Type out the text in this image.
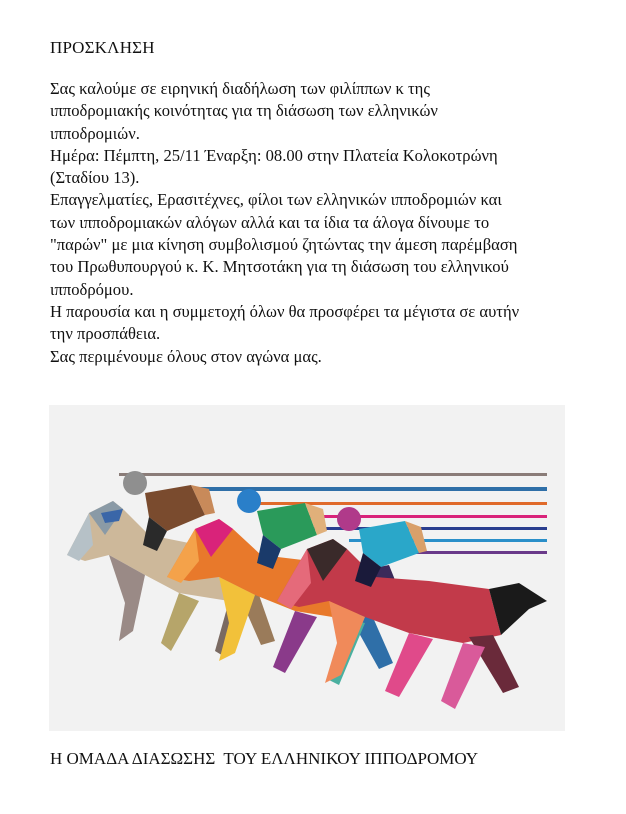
ΠΡΟΣΚΛΗΣΗ

Σας καλούμε σε ειρηνική διαδήλωση των φιλίππων κ της

ιπποδρομιακής κοινότητας για τη διάσωση των ελληνικών

ιπποδρομιών.

Ημέρα: Πέμπτη, 25/11 Έναρξη: 08.00 στην Πλατεία Κολοκοτρώνη

(Σταδίου 13).

Επαγγελματίες, Ερασιτέχνες, φίλοι των ελληνικών ιπποδρομιών και

των ιπποδρομιακών αλόγων αλλά και τα ίδια τα άλογα δίνουμε το

"παρών" με μια κίνηση συμβολισμού ζητώντας την άμεση παρέμβαση

του Πρωθυπουργού κ. Κ. Μητσοτάκη για τη διάσωση του ελληνικού

ιπποδρόμου.

Η παρουσία και η συμμετοχή όλων θα προσφέρει τα μέγιστα σε αυτήν

την προσπάθεια.

Σας περιμένουμε όλους στον αγώνα μας.

Η ΟΜΑΔΑ ΔΙΑΣΩΣΗΣ  ΤΟΥ ΕΛΛΗΝΙΚΟΥ ΙΠΠΟΔΡΟΜΟΥ
